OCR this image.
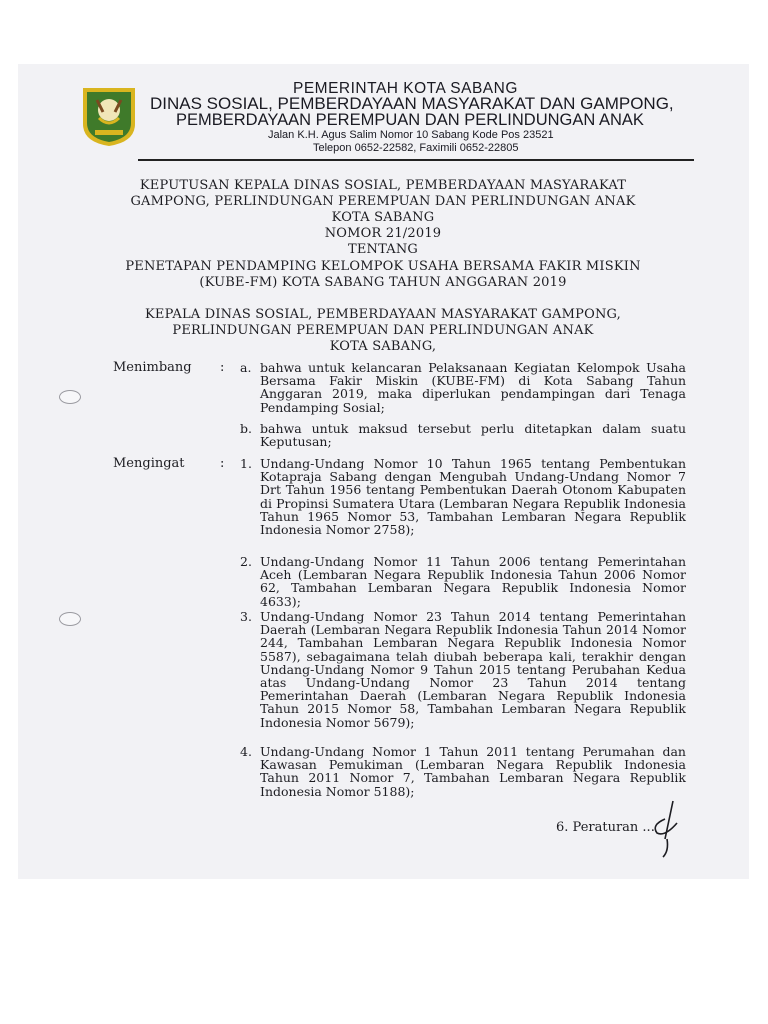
PEMERINTAH KOTA SABANG
DINAS SOSIAL, PEMBERDAYAAN MASYARAKAT DAN GAMPONG,
PEMBERDAYAAN PEREMPUAN DAN PERLINDUNGAN ANAK
Jalan K.H. Agus Salim Nomor 10 Sabang Kode Pos 23521
Telepon 0652-22582, Faximili 0652-22805
KEPUTUSAN KEPALA DINAS SOSIAL, PEMBERDAYAAN MASYARAKAT
GAMPONG, PERLINDUNGAN PEREMPUAN DAN PERLINDUNGAN ANAK
KOTA SABANG
NOMOR 21/2019
TENTANG
PENETAPAN PENDAMPING KELOMPOK USAHA BERSAMA FAKIR MISKIN
(KUBE-FM) KOTA SABANG TAHUN ANGGARAN 2019
KEPALA DINAS SOSIAL, PEMBERDAYAAN MASYARAKAT GAMPONG,
PERLINDUNGAN PEREMPUAN DAN PERLINDUNGAN ANAK
KOTA SABANG,
Menimbang : a. bahwa untuk kelancaran Pelaksanaan Kegiatan Kelompok Usaha Bersama Fakir Miskin (KUBE-FM) di Kota Sabang Tahun Anggaran 2019, maka diperlukan pendampingan dari Tenaga Pendamping Sosial;
b. bahwa untuk maksud tersebut perlu ditetapkan dalam suatu Keputusan;
Mengingat	: 1. Undang-Undang Nomor 10 Tahun 1965 tentang Pembentukan Kotapraja Sabang dengan Mengubah Undang-Undang Nomor 7 Drt Tahun 1956 tentang Pembentukan Daerah Otonom Kabupaten di Propinsi Sumatera Utara (Lembaran Negara Republik Indonesia Tahun 1965 Nomor 53, Tambahan Lembaran Negara Republik Indonesia Nomor 2758);
2. Undang-Undang Nomor 11 Tahun 2006 tentang Pemerintahan Aceh (Lembaran Negara Republik Indonesia Tahun 2006 Nomor 62, Tambahan Lembaran Negara Republik Indonesia Nomor 4633);
3. Undang-Undang Nomor 23 Tahun 2014 tentang Pemerintahan Daerah (Lembaran Negara Republik Indonesia Tahun 2014 Nomor 244, Tambahan Lembaran Negara Republik Indonesia Nomor 5587), sebagaimana telah diubah beberapa kali, terakhir dengan Undang-Undang Nomor 9 Tahun 2015 tentang Perubahan Kedua atas Undang-Undang Nomor 23 Tahun 2014 tentang Pemerintahan Daerah (Lembaran Negara Republik Indonesia Tahun 2015 Nomor 58, Tambahan Lembaran Negara Republik Indonesia Nomor 5679);
4. Undang-Undang Nomor 1 Tahun 2011 tentang Perumahan dan Kawasan Pemukiman (Lembaran Negara Republik Indonesia Tahun 2011 Nomor 7, Tambahan Lembaran Negara Republik Indonesia Nomor 5188);
6. Peraturan ...
